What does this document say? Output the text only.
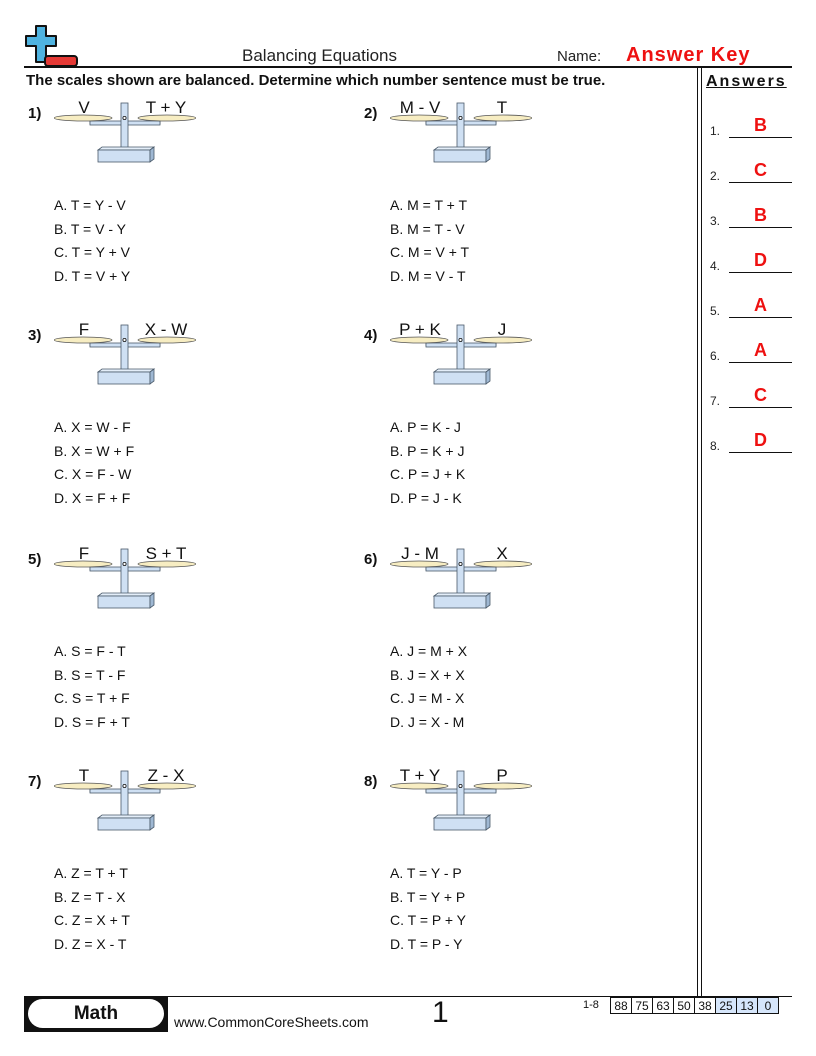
Balancing Equations	Name: Answer Key
The scales shown are balanced. Determine which number sentence must be true.	Answers
1.	B
2.	C
3.	B
4.	D
5.	A
6.	A
7.	C
8.	D
1)	V	T + Y
A. T = Y - V
B. T = V - Y
C. T = Y + V
D. T = V + Y
2)	M - V	T
A. M = T + T
B. M = T - V
C. M = V + T
D. M = V - T
3)	F	X - W
A. X = W - F
B. X = W + F
C. X = F - W
D. X = F + F
4)	P + K	J
A. P = K - J
B. P = K + J
C. P = J + K
D. P = J - K
5)	F	S + T
A. S = F - T
B. S = T - F
C. S = T + F
D. S = F + T
6)	J - M	X
A. J = M + X
B. J = X + X
C. J = M - X
D. J = X - M
7)	T	Z - X
A. Z = T + T
B. Z = T - X
C. Z = X + T
D. Z = X - T
8)	T + Y	P
A. T = Y - P
B. T = Y + P
C. T = P + Y
D. T = P - Y
Math	www.CommonCoreSheets.com 1	1-8 88 75 63 50 38 25 13 0
